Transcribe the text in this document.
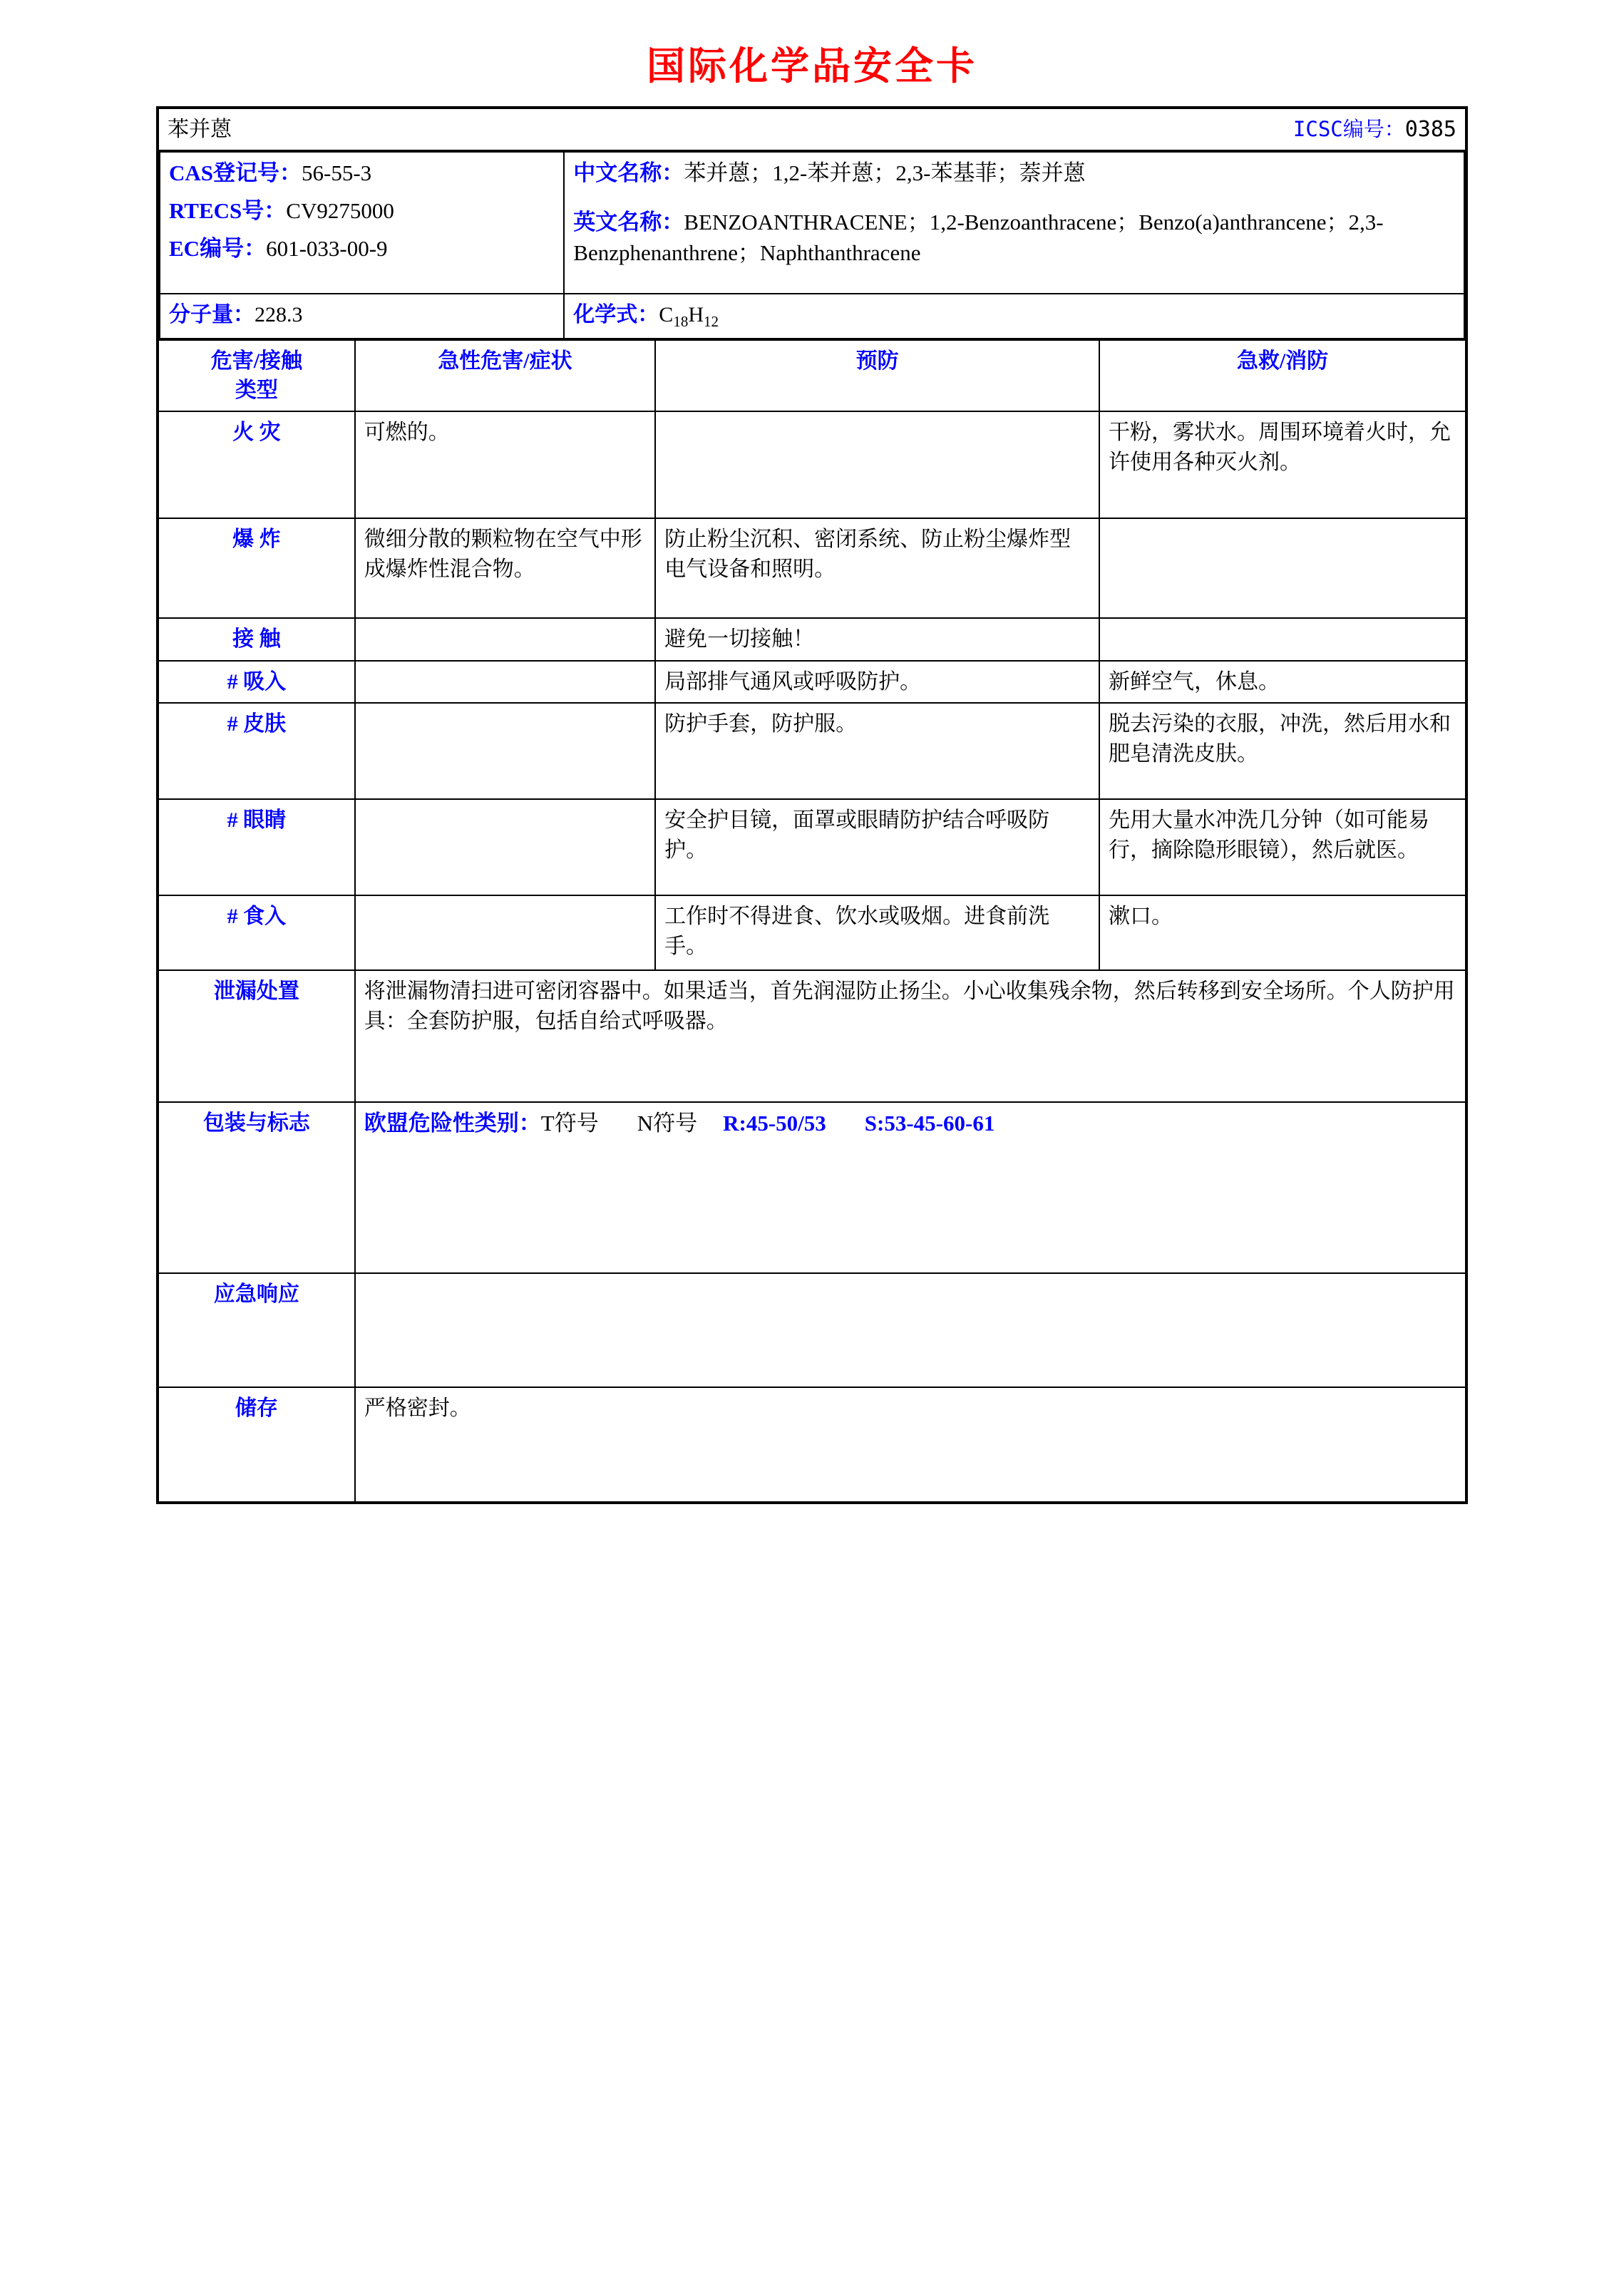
国际化学品安全卡
苯并蒽	ICSC编号：0385
CAS登记号：56-55-3
RTECS号：CV9275000
EC编号：601-033-00-9

中文名称：苯并蒽；1,2-苯并蒽；2,3-苯基菲；萘并蒽
英文名称：BENZOANTHRACENE；1,2-Benzoanthracene；Benzo(a)anthrancene；2,3-Benzphenanthrene；Naphthanthracene

分子量：228.3	化学式：$C_{18}H_{12}$
危害/接触
类型	急性危害/症状	预防	急救/消防
火 灾	可燃的。		干粉，雾状水。周围环境着火时，允许使用各种灭火剂。
爆 炸	微细分散的颗粒物在空气中形成爆炸性混合物。	防止粉尘沉积、密闭系统、防止粉尘爆炸型电气设备和照明。	
接 触		避免一切接触！	
# 吸入		局部排气通风或呼吸防护。	新鲜空气，休息。
# 皮肤		防护手套，防护服。	脱去污染的衣服，冲洗，然后用水和肥皂清洗皮肤。
# 眼睛		安全护目镜，面罩或眼睛防护结合呼吸防护。	先用大量水冲洗几分钟（如可能易行，摘除隐形眼镜），然后就医。
# 食入		工作时不得进食、饮水或吸烟。进食前洗手。	漱口。
泄漏处置	将泄漏物清扫进可密闭容器中。如果适当，首先润湿防止扬尘。小心收集残余物，然后转移到安全场所。个人防护用具：全套防护服，包括自给式呼吸器。		
包装与标志	欧盟危险性类别：T符号 N符号 R:45-50/53 S:53-45-60-61		

应急响应			
储存	严格密封。		
